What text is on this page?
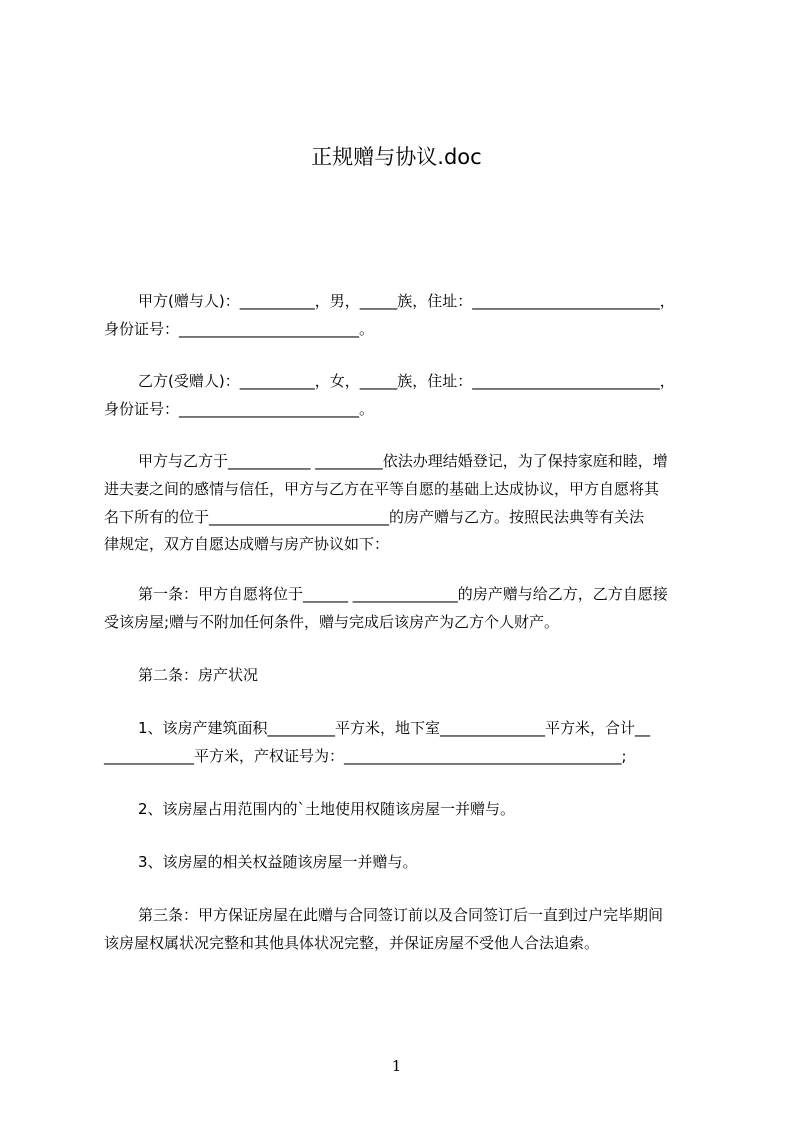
正规赠与协议.doc
甲方(赠与人)：__________，男，_____族，住址：_________________________，
身份证号：________________________。
乙方(受赠人)：__________，女，_____族，住址：_________________________，
身份证号：________________________。
甲方与乙方于___________ _________依法办理结婚登记，为了保持家庭和睦，增
进夫妻之间的感情与信任，甲方与乙方在平等自愿的基础上达成协议，甲方自愿将其
名下所有的位于________________________的房产赠与乙方。按照民法典等有关法
律规定，双方自愿达成赠与房产协议如下：
第一条：甲方自愿将位于______ ______________的房产赠与给乙方，乙方自愿接
受该房屋;赠与不附加任何条件，赠与完成后该房产为乙方个人财产。
第二条：房产状况
1、该房产建筑面积_________平方米，地下室______________平方米，合计__
____________平方米，产权证号为：_____________________________________;
2、该房屋占用范围内的`土地使用权随该房屋一并赠与。
3、该房屋的相关权益随该房屋一并赠与。
第三条：甲方保证房屋在此赠与合同签订前以及合同签订后一直到过户完毕期间
该房屋权属状况完整和其他具体状况完整，并保证房屋不受他人合法追索。
1
